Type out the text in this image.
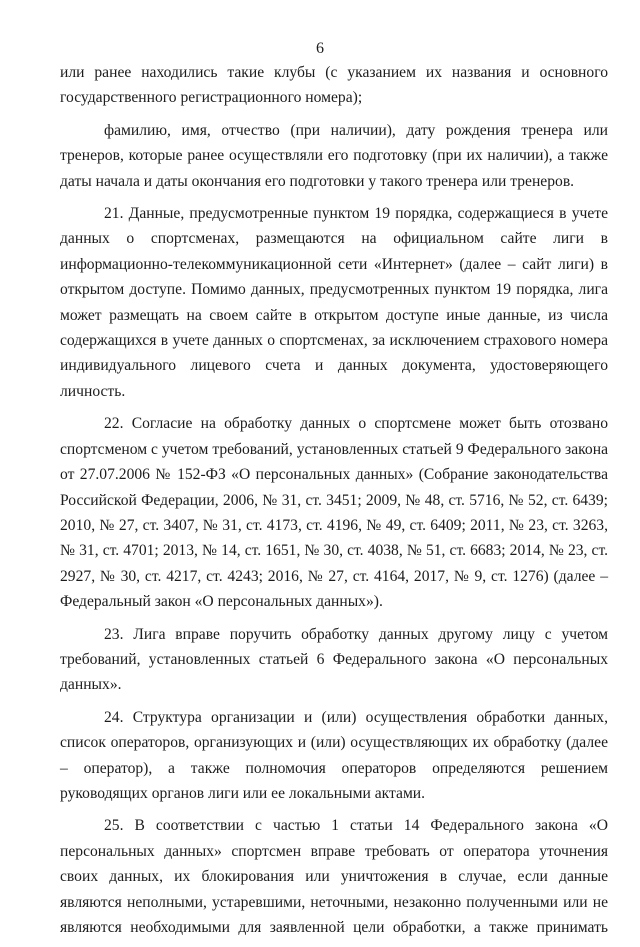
6

или ранее находились такие клубы (с указанием их названия и основного государственного регистрационного номера);

фамилию, имя, отчество (при наличии), дату рождения тренера или тренеров, которые ранее осуществляли его подготовку (при их наличии), а также даты начала и даты окончания его подготовки у такого тренера или тренеров.

21. Данные, предусмотренные пунктом 19 порядка, содержащиеся в учете данных о спортсменах, размещаются на официальном сайте лиги в информационно-телекоммуникационной сети «Интернет» (далее – сайт лиги) в открытом доступе. Помимо данных, предусмотренных пунктом 19 порядка, лига может размещать на своем сайте в открытом доступе иные данные, из числа содержащихся в учете данных о спортсменах, за исключением страхового номера индивидуального лицевого счета и данных документа, удостоверяющего личность.

22. Согласие на обработку данных о спортсмене может быть отозвано спортсменом с учетом требований, установленных статьей 9 Федерального закона от 27.07.2006 № 152-ФЗ «О персональных данных» (Собрание законодательства Российской Федерации, 2006, № 31, ст. 3451; 2009, № 48, ст. 5716, № 52, ст. 6439; 2010, № 27, ст. 3407, № 31, ст. 4173, ст. 4196, № 49, ст. 6409; 2011, № 23, ст. 3263, № 31, ст. 4701; 2013, № 14, ст. 1651, № 30, ст. 4038, № 51, ст. 6683; 2014, № 23, ст. 2927, № 30, ст. 4217, ст. 4243; 2016, № 27, ст. 4164, 2017, № 9, ст. 1276) (далее – Федеральный закон «О персональных данных»).

23. Лига вправе поручить обработку данных другому лицу с учетом требований, установленных статьей 6 Федерального закона «О персональных данных».

24. Структура организации и (или) осуществления обработки данных, список операторов, организующих и (или) осуществляющих их обработку (далее – оператор), а также полномочия операторов определяются решением руководящих органов лиги или ее локальными актами.

25. В соответствии с частью 1 статьи 14 Федерального закона «О персональных данных» спортсмен вправе требовать от оператора уточнения своих данных, их блокирования или уничтожения в случае, если данные являются неполными, устаревшими, неточными, незаконно полученными или не являются необходимыми для заявленной цели обработки, а также принимать
